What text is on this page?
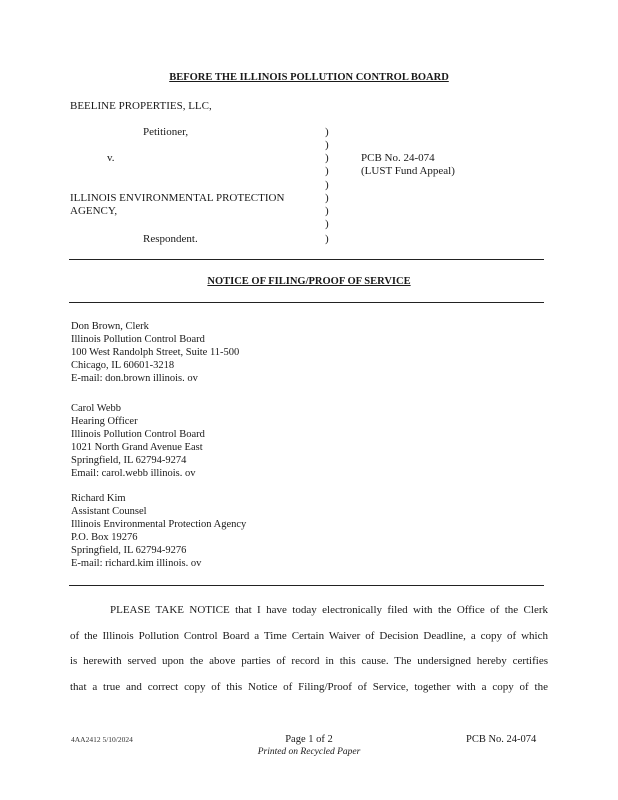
BEFORE THE ILLINOIS POLLUTION CONTROL BOARD
BEELINE PROPERTIES, LLC,
Petitioner,
v.
ILLINOIS ENVIRONMENTAL PROTECTION
AGENCY,
Respondent.
)
)
)
)
)
)
)
)
)
PCB No. 24-074
(LUST Fund Appeal)
NOTICE OF FILING/PROOF OF SERVICE
Don Brown, Clerk
Illinois Pollution Control Board
100 West Randolph Street, Suite 11-500
Chicago, IL 60601-3218
E-mail: don.brown illinois. ov
Carol Webb
Hearing Officer
Illinois Pollution Control Board
1021 North Grand Avenue East
Springfield, IL 62794-9274
Email: carol.webb illinois. ov
Richard Kim
Assistant Counsel
Illinois Environmental Protection Agency
P.O. Box 19276
Springfield, IL 62794-9276
E-mail: richard.kim illinois. ov
PLEASE TAKE NOTICE that I have today electronically filed with the Office of the Clerk
of the Illinois Pollution Control Board a Time Certain Waiver of Decision Deadline, a copy of which
is herewith served upon the above parties of record in this cause. The undersigned hereby certifies
that a true and correct copy of this Notice of Filing/Proof of Service, together with a copy of the
4AA2412 5/10/2024	Page 1 of 2
Printed on Recycled Paper
PCB No. 24-074
